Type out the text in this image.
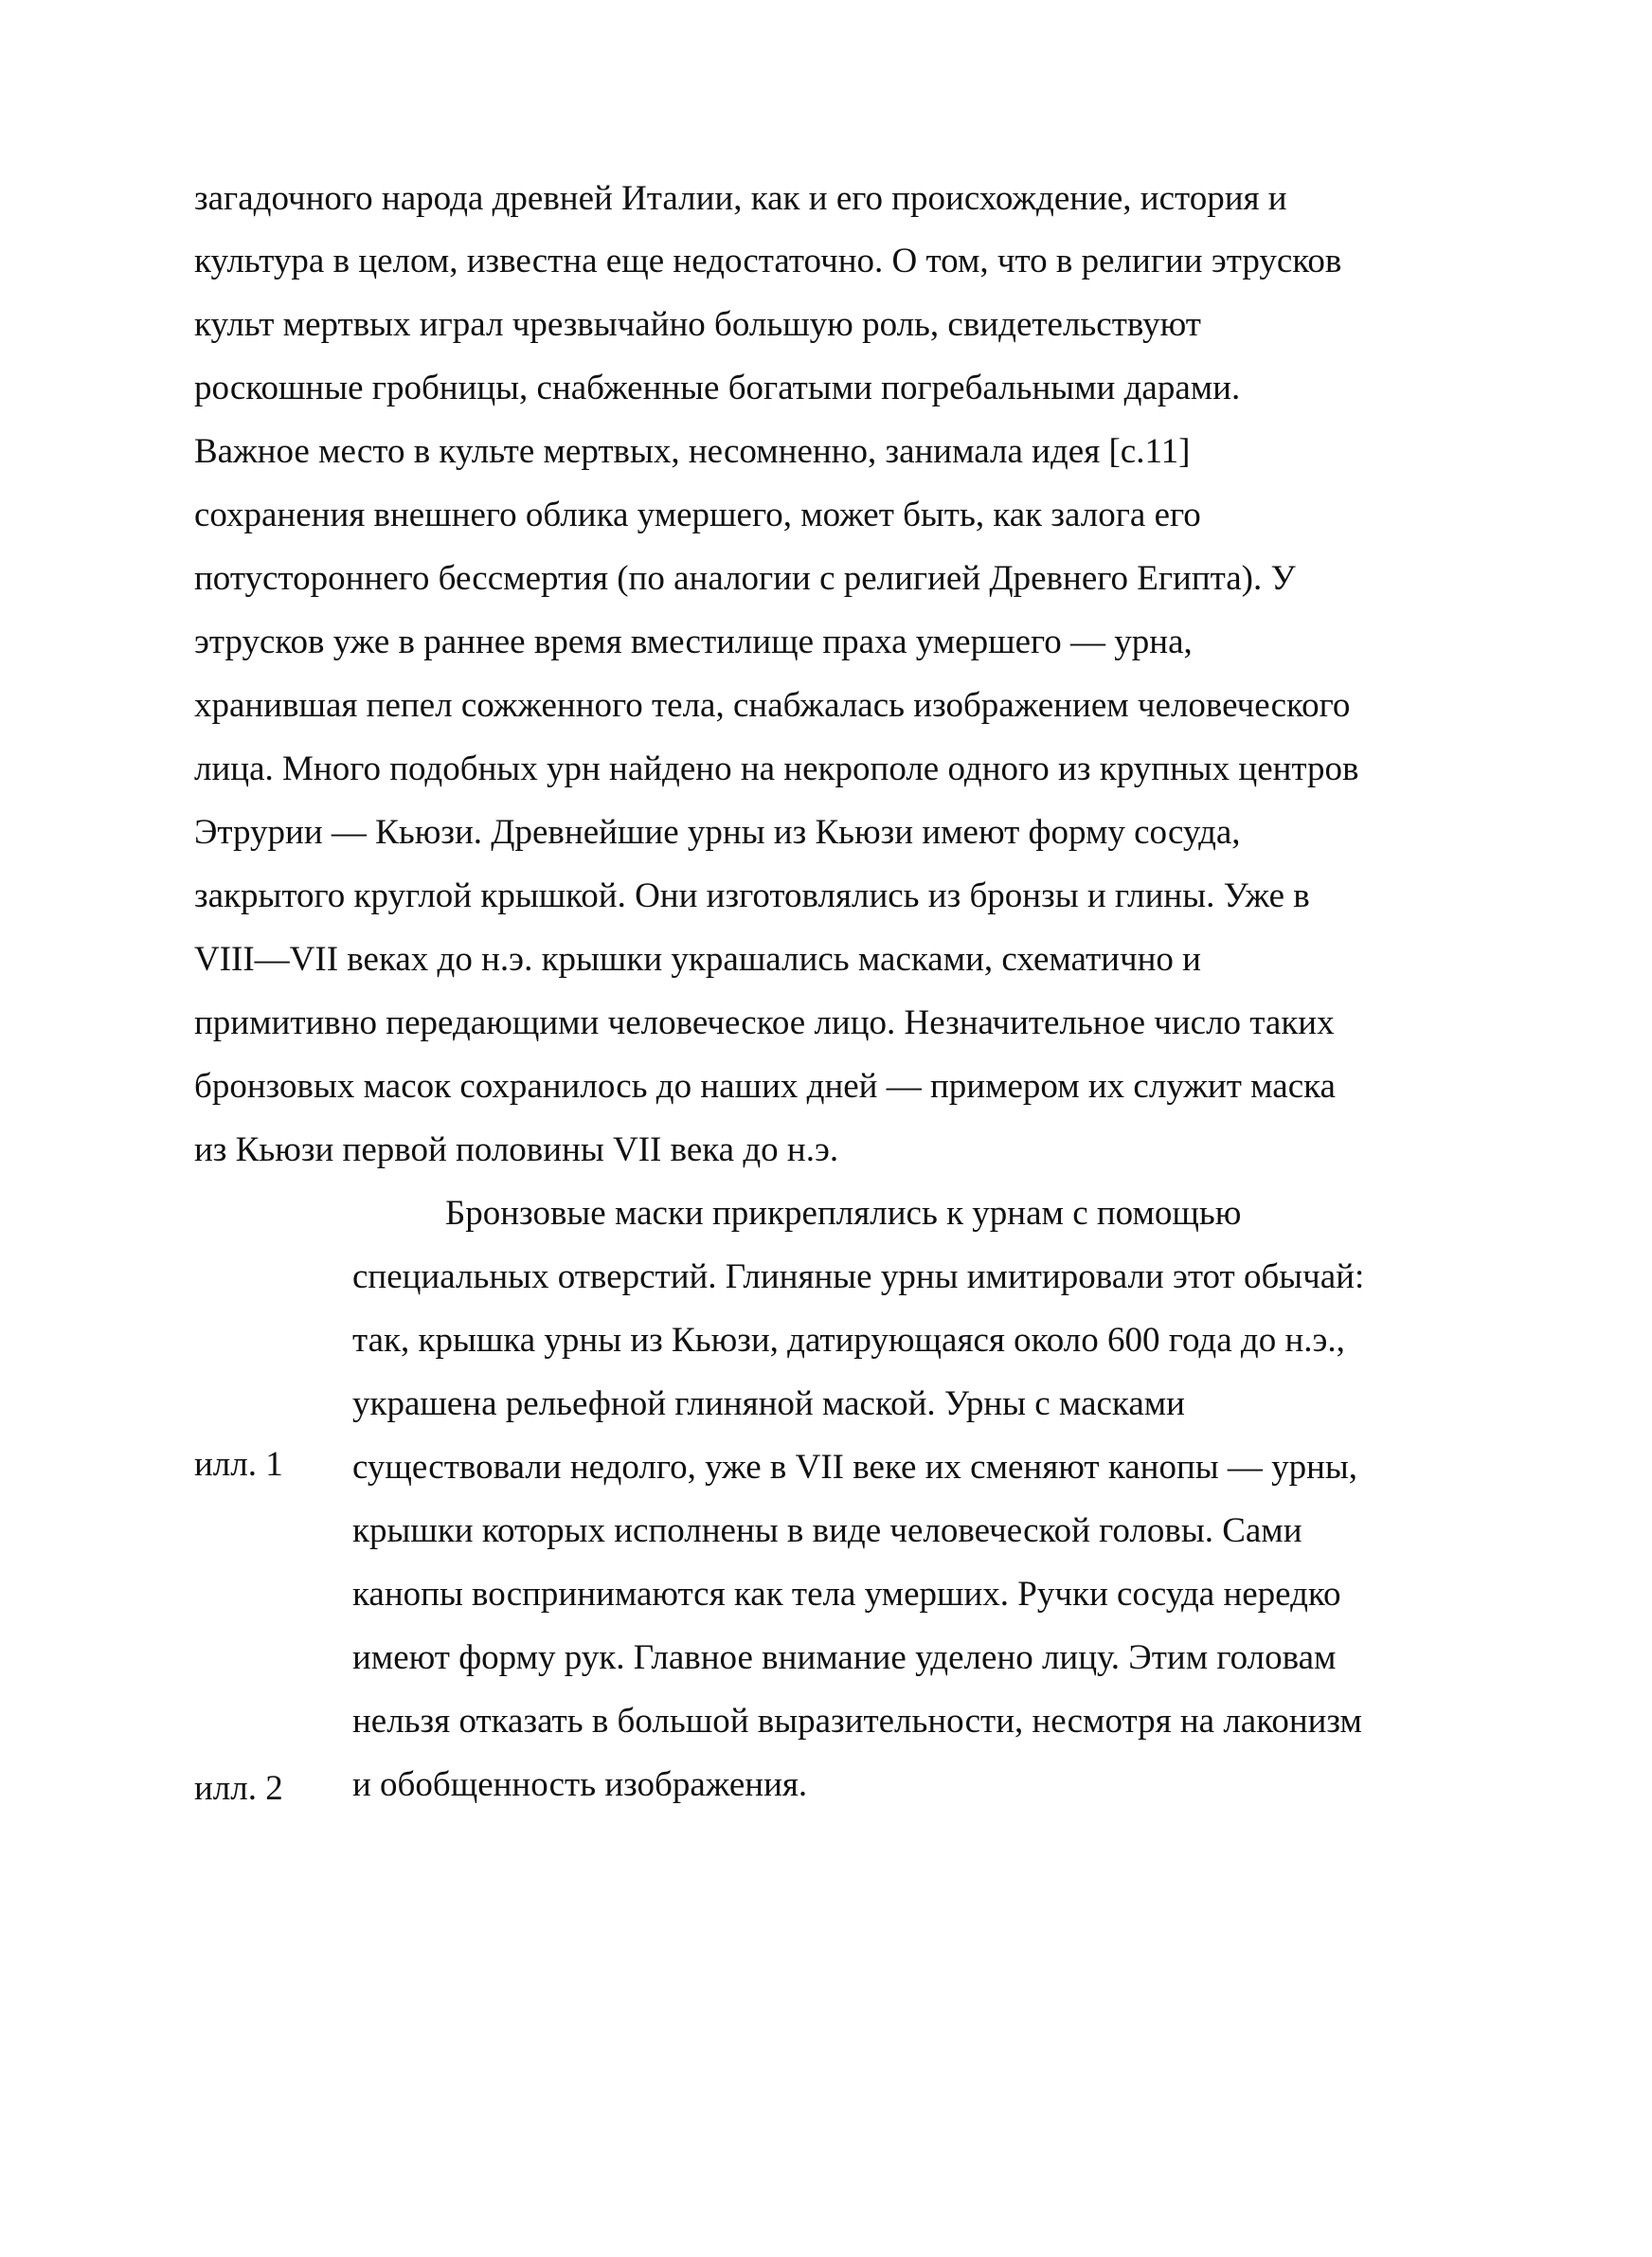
загадочного народа древней Италии, как и его происхождение, история и
культура в целом, известна еще недостаточно. О том, что в религии этрусков
культ мертвых играл чрезвычайно большую роль, свидетельствуют
роскошные гробницы, снабженные богатыми погребальными дарами.
Важное место в культе мертвых, несомненно, занимала идея [с.11]
сохранения внешнего облика умершего, может быть, как залога его
потустороннего бессмертия (по аналогии с религией Древнего Египта). У
этрусков уже в раннее время вместилище праха умершего — урна,
хранившая пепел сожженного тела, снабжалась изображением человеческого
лица. Много подобных урн найдено на некрополе одного из крупных центров
Этрурии — Кьюзи. Древнейшие урны из Кьюзи имеют форму сосуда,
закрытого круглой крышкой. Они изготовлялись из бронзы и глины. Уже в
VIII—VII веках до н.э. крышки украшались масками, схематично и
примитивно передающими человеческое лицо. Незначительное число таких
бронзовых масок сохранилось до наших дней — примером их служит маска
из Кьюзи первой половины VII века до н.э.
Бронзовые маски прикреплялись к урнам с помощью
специальных отверстий. Глиняные урны имитировали этот обычай:
так, крышка урны из Кьюзи, датирующаяся около 600 года до н.э.,
украшена рельефной глиняной маской. Урны с масками
существовали недолго, уже в VII веке их сменяют канопы — урны,
крышки которых исполнены в виде человеческой головы. Сами
канопы воспринимаются как тела умерших. Ручки сосуда нередко
имеют форму рук. Главное внимание уделено лицу. Этим головам
нельзя отказать в большой выразительности, несмотря на лаконизм
и обобщенность изображения.
илл. 1
илл. 2
